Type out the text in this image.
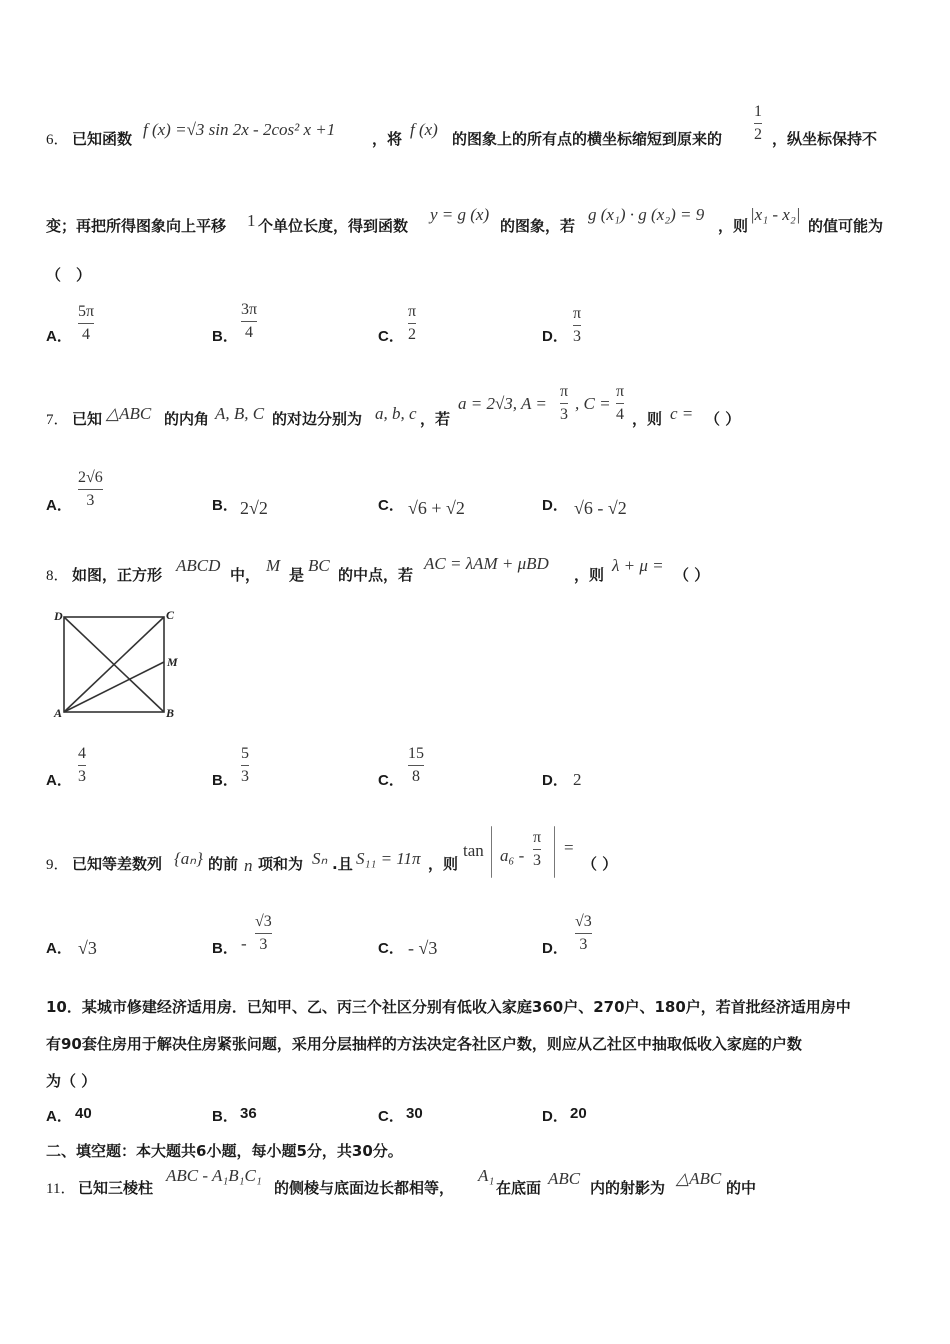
6． 已知函数 f (x) =√3 sin 2x - 2cos² x +1 ，将 f (x) 的图象上的所有点的横坐标缩短到原来的
1
2 ，纵坐标保持不
变；再把所得图象向上平移 1 个单位长度，得到函数
y = g (x)
的图象，若
g (x₁) · g (x₂) = 9
，则
|x₁ - x₂|
的值可能为
（　）
A．
5π
4	B．
3π
4	C．
π
2	D．
π
3
7． 已知 △ABC 的内角 A, B, C 的对边分别为 a, b, c ，若
a = 2√3, A =
π
3
, C =
π
4 ，则 c = （ ）
A．
2√6
3	B． 2√2	C． √6 + √2	D． √6 - √2
8． 如图，正方形 ABCD 中， M 是 BC 的中点，若
AC = λAM + μBD
，则 λ + μ = （ ）
D	C
M
A	B
A．
4
3	B．
5
3	C．
15
8	D． 2
9． 已知等差数列 {aₙ} 的前 n 项和为 Sₙ .且 S₁₁ = 11π ，则
tan a₆ -
π
3
=
（ ）
A． √3	B． -
√3
3	C． - √3	D．
√3
3
10．某城市修建经济适用房．已知甲、乙、丙三个社区分别有低收入家庭360户、270户、180户，若首批经济适用房中
有90套住房用于解决住房紧张问题，采用分层抽样的方法决定各社区户数，则应从乙社区中抽取低收入家庭的户数
为（ ）
A． 40	B． 36	C． 30	D． 20
二、填空题：本大题共6小题，每小题5分，共30分。
11． 已知三棱柱
ABC - A₁B₁C₁
的侧棱与底面边长都相等，
A₁
在底面 ABC 内的射影为 △ABC 的中
